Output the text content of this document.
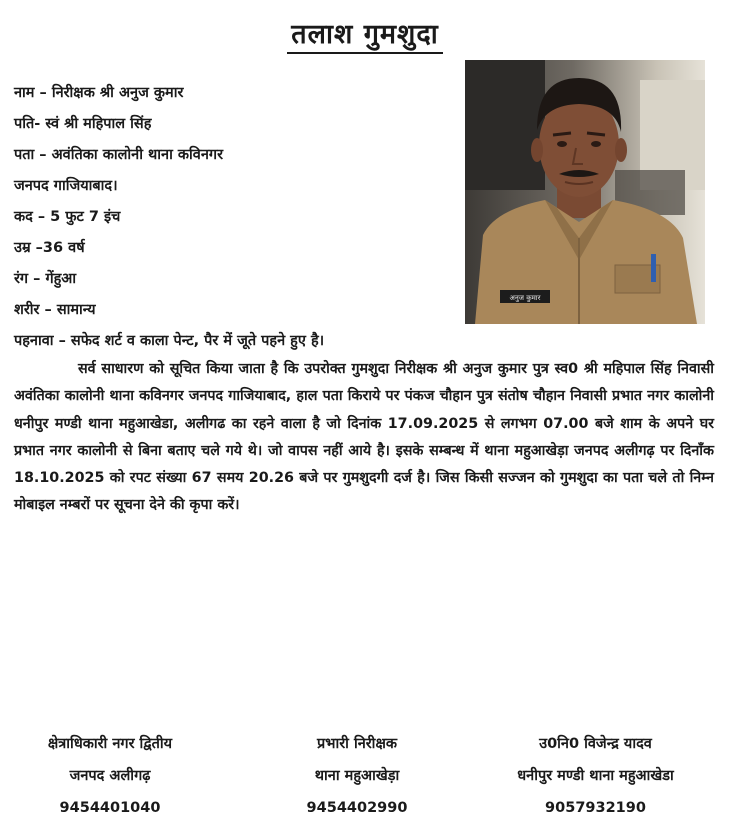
तलाश गुमशुदा
नाम – निरीक्षक श्री अनुज कुमार
पति- स्वं श्री महिपाल सिंह
पता – अवंतिका कालोनी थाना कविनगर
जनपद गाजियाबाद।
कद – 5 फुट 7 इंच
उम्र –36 वर्ष
रंग – गेंहुआ
शरीर – सामान्य
पहनावा – सफेद शर्ट व काला पेन्ट, पैर में जूते पहने हुए है।
अनुज कुमार
सर्व साधारण को सूचित किया जाता है कि उपरोक्त गुमशुदा निरीक्षक श्री अनुज कुमार पुत्र स्व0 श्री महिपाल सिंह निवासी अवंतिका कालोनी थाना कविनगर जनपद गाजियाबाद, हाल पता किराये पर पंकज चौहान पुत्र संतोष चौहान निवासी प्रभात नगर कालोनी धनीपुर मण्डी थाना महुआखेडा, अलीगढ का रहने वाला है जो दिनांक 17.09.2025 से लगभग 07.00 बजे शाम के अपने घर प्रभात नगर कालोनी से बिना बताए चले गये थे। जो वापस नहीं आये है। इसके सम्बन्ध में थाना महुआखेड़ा जनपद अलीगढ़ पर दिनाँक 18.10.2025 को रपट संख्या 67 समय 20.26 बजे पर गुमशुदगी दर्ज है। जिस किसी सज्जन को गुमशुदा का पता चले तो निम्न मोबाइल नम्बरों पर सूचना देने की कृपा करें।
क्षेत्राधिकारी नगर द्वितीय
जनपद अलीगढ़
9454401040
प्रभारी निरीक्षक
थाना महुआखेड़ा
9454402990
उ0नि0 विजेन्द्र यादव
धनीपुर मण्डी थाना महुआखेडा
9057932190
